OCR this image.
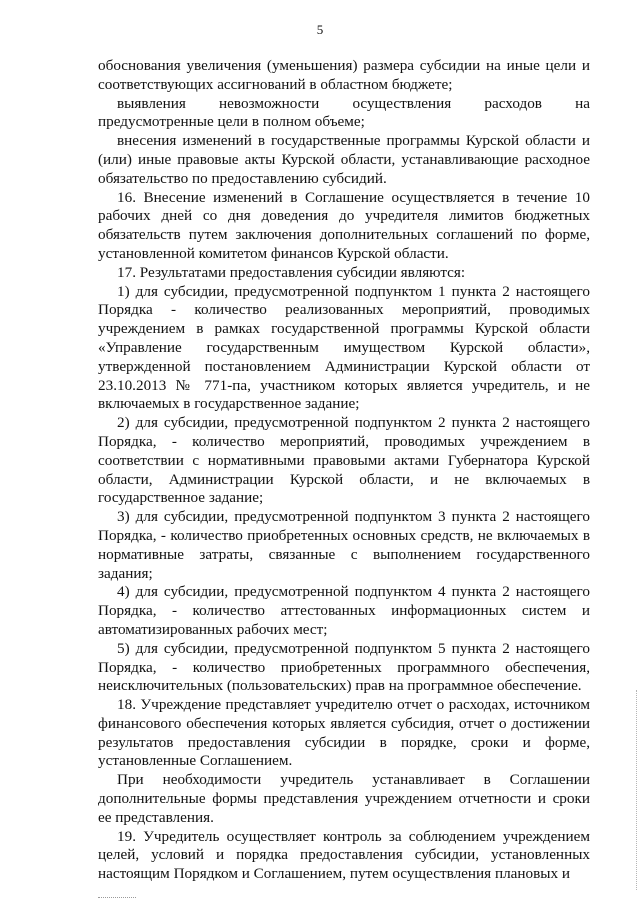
5

обоснования увеличения (уменьшения) размера субсидии на иные цели и соответствующих ассигнований в областном бюджете;

выявления невозможности осуществления расходов на предусмотренные цели в полном объеме;

внесения изменений в государственные программы Курской области и (или) иные правовые акты Курской области, устанавливающие расходное обязательство по предоставлению субсидий.

16. Внесение изменений в Соглашение осуществляется в течение 10 рабочих дней со дня доведения до учредителя лимитов бюджетных обязательств путем заключения дополнительных соглашений по форме, установленной комитетом финансов Курской области.

17. Результатами предоставления субсидии являются:

1) для субсидии, предусмотренной подпунктом 1 пункта 2 настоящего Порядка - количество реализованных мероприятий, проводимых учреждением в рамках государственной программы Курской области «Управление государственным имуществом Курской области», утвержденной постановлением Администрации Курской области от 23.10.2013 № 771-па, участником которых является учредитель, и не включаемых в государственное задание;

2) для субсидии, предусмотренной подпунктом 2 пункта 2 настоящего Порядка, - количество мероприятий, проводимых учреждением в соответствии с нормативными правовыми актами Губернатора Курской области, Администрации Курской области, и не включаемых в государственное задание;

3) для субсидии, предусмотренной подпунктом 3 пункта 2 настоящего Порядка, - количество приобретенных основных средств, не включаемых в нормативные затраты, связанные с выполнением государственного задания;

4) для субсидии, предусмотренной подпунктом 4 пункта 2 настоящего Порядка, - количество аттестованных информационных систем и автоматизированных рабочих мест;

5) для субсидии, предусмотренной подпунктом 5 пункта 2 настоящего Порядка, - количество приобретенных программного обеспечения, неисключительных (пользовательских) прав на программное обеспечение.

18. Учреждение представляет учредителю отчет о расходах, источником финансового обеспечения которых является субсидия, отчет о достижении результатов предоставления субсидии в порядке, сроки и форме, установленные Соглашением.

При необходимости учредитель устанавливает в Соглашении дополнительные формы представления учреждением отчетности и сроки ее представления.

19. Учредитель осуществляет контроль за соблюдением учреждением целей, условий и порядка предоставления субсидии, установленных настоящим Порядком и Соглашением, путем осуществления плановых и
